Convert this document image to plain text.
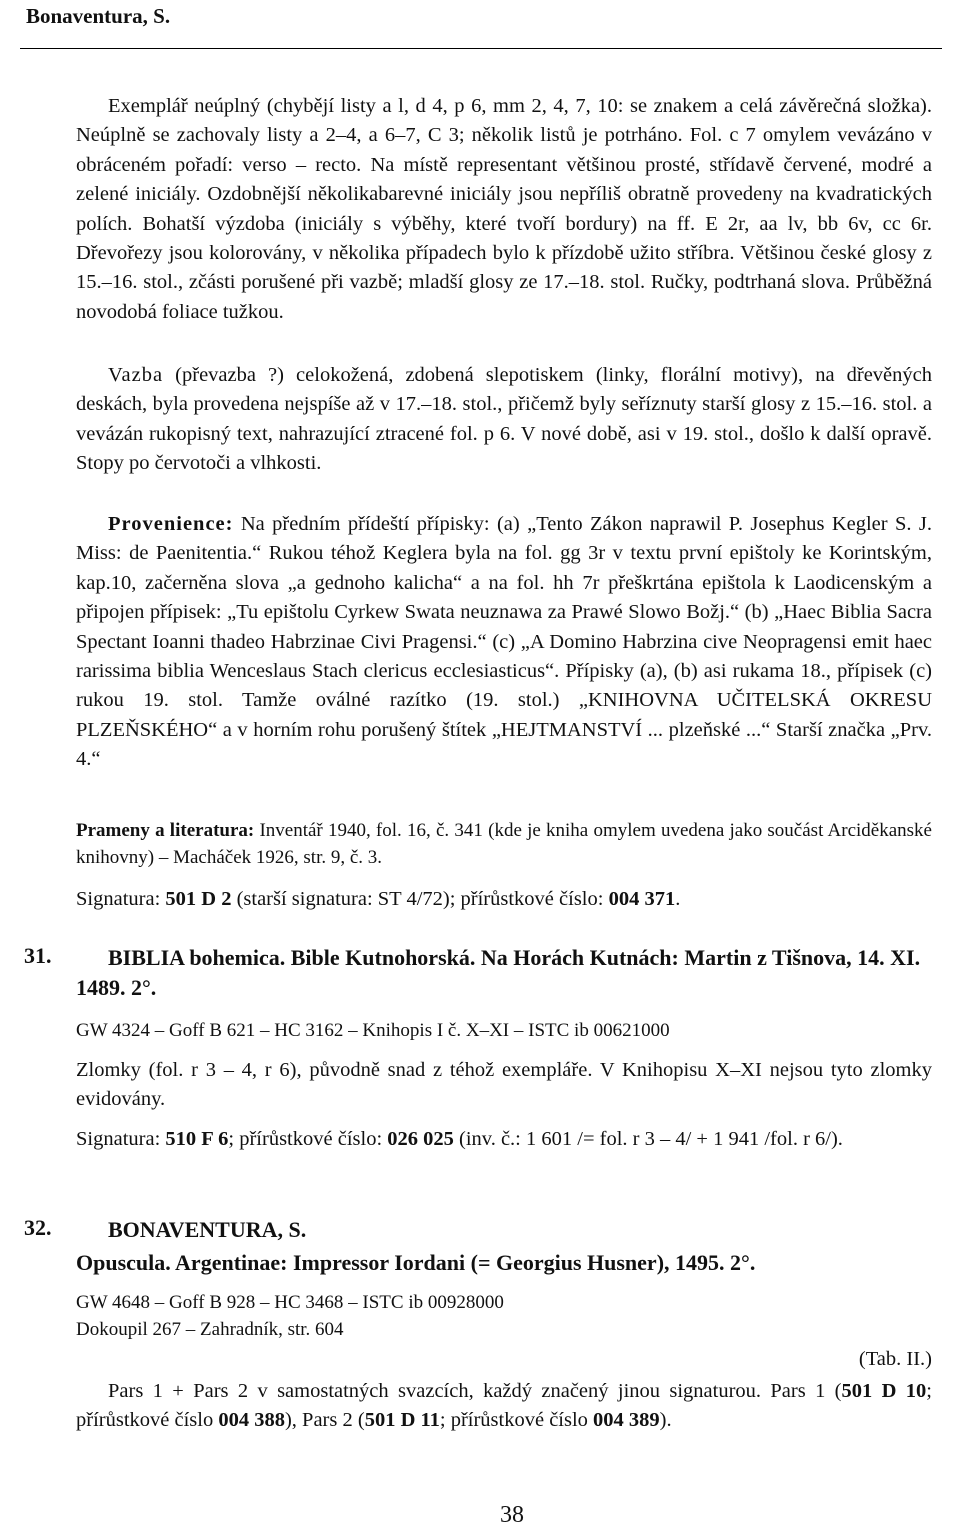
Bonaventura, S.
Exemplář neúplný (chybějí listy a l, d 4, p 6, mm 2, 4, 7, 10: se znakem a celá závěrečná složka). Neúplně se zachovaly listy a 2–4, a 6–7, C 3; několik listů je potrháno. Fol. c 7 omylem vevázáno v obráceném pořadí: verso – recto. Na místě representant většinou prosté, střídavě červené, modré a zelené iniciály. Ozdobnější několikabarevné iniciály jsou nepříliš obratně provedeny na kvadratických polích. Bohatší výzdoba (iniciály s výběhy, které tvoří bordury) na ff. E 2r, aa lv, bb 6v, cc 6r. Dřevořezy jsou kolorovány, v několika případech bylo k přízdobě užito stříbra. Většinou české glosy z 15.–16. stol., zčásti porušené při vazbě; mladší glosy ze 17.–18. stol. Ručky, podtrhaná slova. Průběžná novodobá foliace tužkou.
Vazba (převazba ?) celokožená, zdobená slepotiskem (linky, florální motivy), na dřevěných deskách, byla provedena nejspíše až v 17.–18. stol., přičemž byly seříznuty starší glosy z 15.–16. stol. a vevázán rukopisný text, nahrazující ztracené fol. p 6. V nové době, asi v 19. stol., došlo k další opravě. Stopy po červotoči a vlhkosti.
Provenience: Na předním přídeští přípisky: (a) „Tento Zákon naprawil P. Josephus Kegler S. J. Miss: de Paenitentia.“ Rukou téhož Keglera byla na fol. gg 3r v textu první epištoly ke Korintským, kap.10, začerněna slova „a gednoho kalicha“ a na fol. hh 7r přeškrtána epištola k Laodicenským a připojen přípisek: „Tu epištolu Cyrkew Swata neuznawa za Prawé Slowo Božj.“ (b) „Haec Biblia Sacra Spectant Ioanni thadeo Habrzinae Civi Pragensi.“ (c) „A Domino Habrzina cive Neopragensi emit haec rarissima biblia Wenceslaus Stach clericus ecclesiasticus“. Přípisky (a), (b) asi rukama 18., přípisek (c) rukou 19. stol. Tamže oválné razítko (19. stol.) „KNIHOVNA UČITELSKÁ OKRESU PLZEŇSKÉHO“ a v horním rohu porušený štítek „HEJTMANSTVÍ ... plzeňské ...“ Starší značka „Prv. 4.“
Prameny a literatura: Inventář 1940, fol. 16, č. 341 (kde je kniha omylem uvedena jako součást Arciděkanské knihovny) – Macháček 1926, str. 9, č. 3.
Signatura: 501 D 2 (starší signatura: ST 4/72); přírůstkové číslo: 004 371.
31.	BIBLIA bohemica. Bible Kutnohorská. Na Horách Kutnách: Martin z Tišnova, 14. XI. 1489. 2°.
GW 4324 – Goff B 621 – HC 3162 – Knihopis I č. X–XI – ISTC ib 00621000
Zlomky (fol. r 3 – 4, r 6), původně snad z téhož exempláře. V Knihopisu X–XI nejsou tyto zlomky evidovány.
Signatura: 510 F 6; přírůstkové číslo: 026 025 (inv. č.: 1 601 /= fol. r 3 – 4/ + 1 941 /fol. r 6/).
32.	BONAVENTURA, S.
Opuscula. Argentinae: Impressor Iordani (= Georgius Husner), 1495. 2°.
GW 4648 – Goff B 928 – HC 3468 – ISTC ib 00928000
Dokoupil 267 – Zahradník, str. 604
(Tab. II.)
Pars 1 + Pars 2 v samostatných svazcích, každý značený jinou signaturou. Pars 1 (501 D 10; přírůstkové číslo 004 388), Pars 2 (501 D 11; přírůstkové číslo 004 389).
38
